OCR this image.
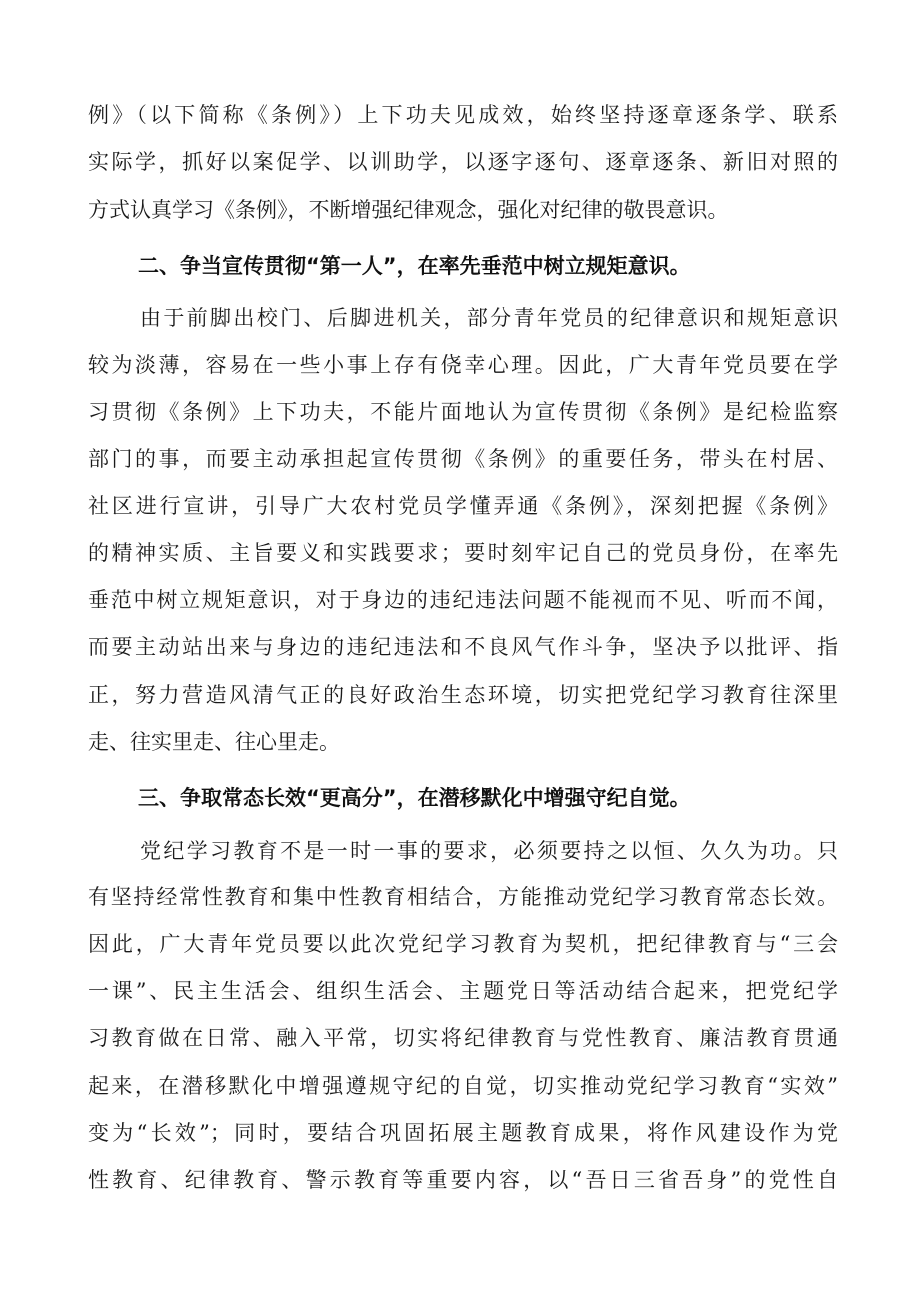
例》（以下简称《条例》）上下功夫见成效，始终坚持逐章逐条学、联系
实际学，抓好以案促学、以训助学，以逐字逐句、逐章逐条、新旧对照的
方式认真学习《条例》，不断增强纪律观念，强化对纪律的敬畏意识。
二、争当宣传贯彻“第一人”，在率先垂范中树立规矩意识。
由于前脚出校门、后脚进机关，部分青年党员的纪律意识和规矩意识
较为淡薄，容易在一些小事上存有侥幸心理。因此，广大青年党员要在学
习贯彻《条例》上下功夫，不能片面地认为宣传贯彻《条例》是纪检监察
部门的事，而要主动承担起宣传贯彻《条例》的重要任务，带头在村居、
社区进行宣讲，引导广大农村党员学懂弄通《条例》，深刻把握《条例》
的精神实质、主旨要义和实践要求；要时刻牢记自己的党员身份，在率先
垂范中树立规矩意识，对于身边的违纪违法问题不能视而不见、听而不闻，
而要主动站出来与身边的违纪违法和不良风气作斗争，坚决予以批评、指
正，努力营造风清气正的良好政治生态环境，切实把党纪学习教育往深里
走、往实里走、往心里走。
三、争取常态长效“更高分”，在潜移默化中增强守纪自觉。
党纪学习教育不是一时一事的要求，必须要持之以恒、久久为功。只
有坚持经常性教育和集中性教育相结合，方能推动党纪学习教育常态长效。
因此，广大青年党员要以此次党纪学习教育为契机，把纪律教育与“三会
一课”、民主生活会、组织生活会、主题党日等活动结合起来，把党纪学
习教育做在日常、融入平常，切实将纪律教育与党性教育、廉洁教育贯通
起来，在潜移默化中增强遵规守纪的自觉，切实推动党纪学习教育“实效”
变为“长效”；同时，要结合巩固拓展主题教育成果，将作风建设作为党
性教育、纪律教育、警示教育等重要内容，以“吾日三省吾身”的党性自
